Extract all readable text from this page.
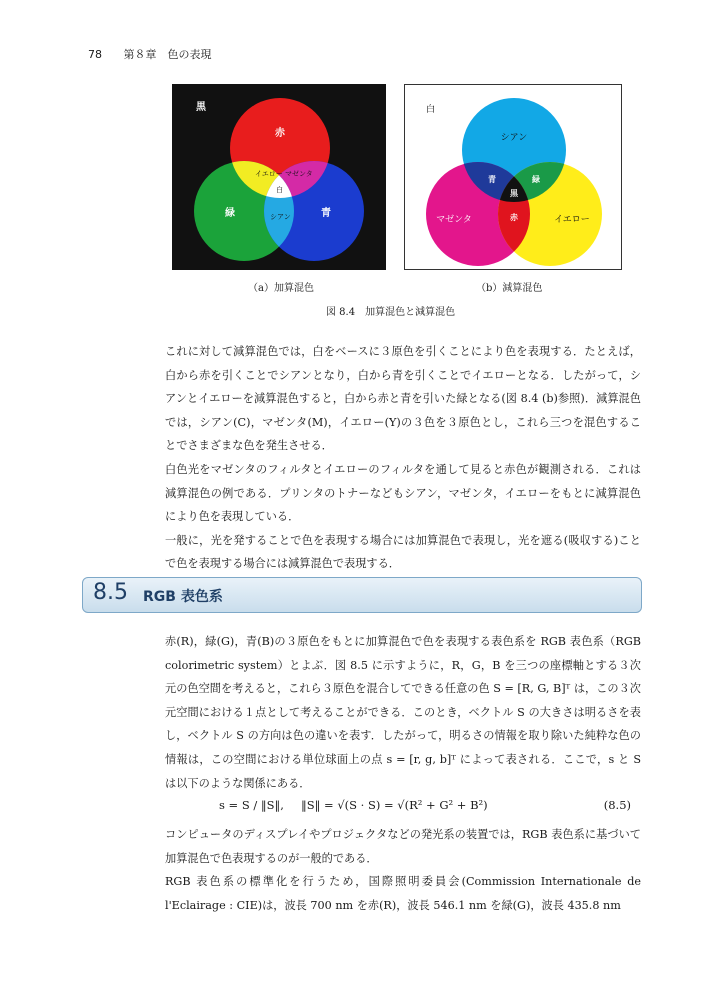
78 第８章　色の表現
黒
赤
緑	青
イエロー マゼンタ
シアン
白
白
シアン
マゼンタ	イエロー
青	緑
赤
黒
（a）加算混色	（b）減算混色
図 8.4　加算混色と減算混色

これに対して減算混色では，白をベースに３原色を引くことにより色を表現する．たとえば，白から赤を引くことでシアンとなり，白から青を引くことでイエローとなる．したがって，シアンとイエローを減算混色すると，白から赤と青を引いた緑となる(図 8.4 (b)参照)．減算混色では，シアン(C)，マゼンタ(M)，イエロー(Y)の３色を３原色とし，これら三つを混色することでさまざまな色を発生させる．

白色光をマゼンタのフィルタとイエローのフィルタを通して見ると赤色が観測される．これは減算混色の例である．プリンタのトナーなどもシアン，マゼンタ，イエローをもとに減算混色により色を表現している．

一般に，光を発することで色を表現する場合には加算混色で表現し，光を遮る(吸収する)ことで色を表現する場合には減算混色で表現する．

8.5 RGB 表色系

赤(R)，緑(G)，青(B)の３原色をもとに加算混色で色を表現する表色系を RGB 表色系（RGB colorimetric system）とよぶ．図 8.5 に示すように，R，G，B を三つの座標軸とする３次元の色空間を考えると，これら３原色を混合してできる任意の色 S = [R, G, B]ᵀ は，この３次元空間における１点として考えることができる．このとき，ベクトル S の大きさは明るさを表し，ベクトル S の方向は色の違いを表す．したがって，明るさの情報を取り除いた純粋な色の情報は，この空間における単位球面上の点 s = [r, g, b]ᵀ によって表される．ここで，s と S は以下のような関係にある．

s = S / ‖S‖, ‖S‖ = √(S · S) = √(R² + G² + B²)	(8.5)

コンピュータのディスプレイやプロジェクタなどの発光系の装置では，RGB 表色系に基づいて加算混色で色表現するのが一般的である．

RGB 表色系の標準化を行うため，国際照明委員会(Commission Internationale de l'Eclairage : CIE)は，波長 700 nm を赤(R)，波長 546.1 nm を緑(G)，波長 435.8 nm
